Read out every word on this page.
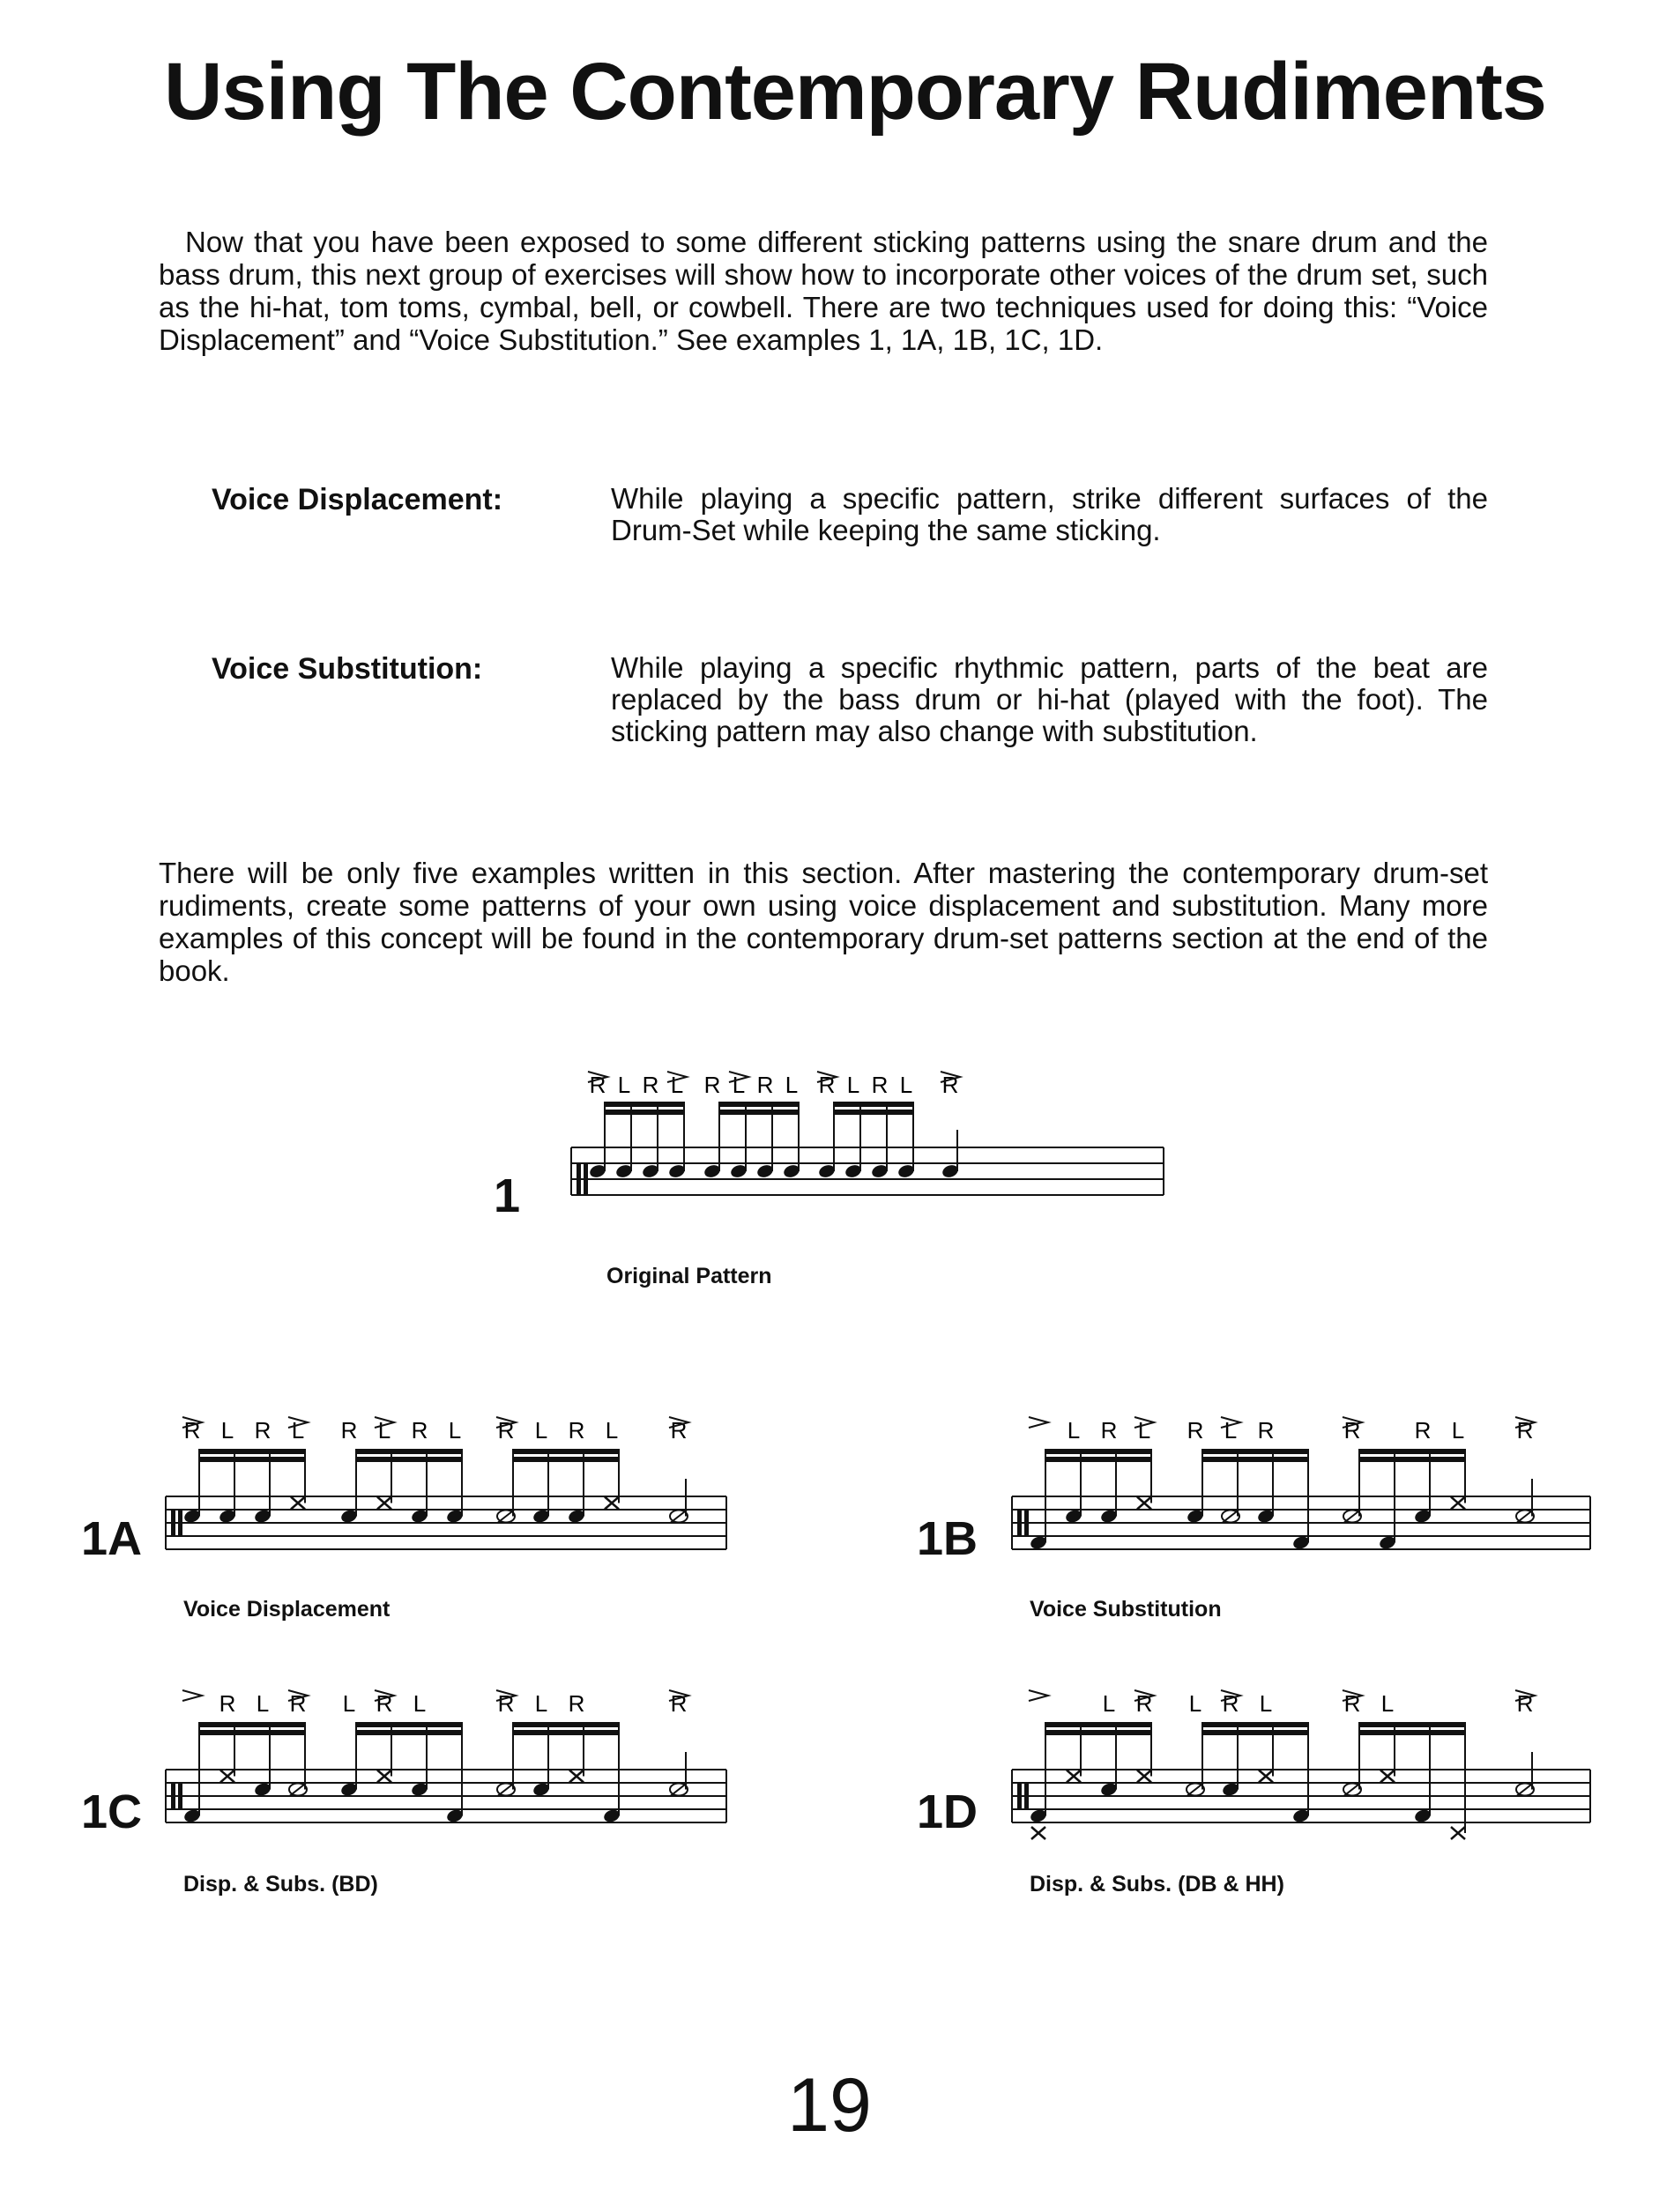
Using The Contemporary Rudiments

Now that you have been exposed to some different sticking patterns using the snare drum and the bass drum, this next group of exercises will show how to incorporate other voices of the drum set, such as the hi-hat, tom toms, cymbal, bell, or cowbell. There are two techniques used for doing this: “Voice Displacement” and “Voice Substitution.” See examples 1, 1A, 1B, 1C, 1D.

Voice Displacement:	While playing a specific pattern, strike different surfaces of the Drum-Set while keeping the same sticking.
Voice Substitution:	While playing a specific rhythmic pattern, parts of the beat are replaced by the bass drum or hi-hat (played with the foot). The sticking pattern may also change with substitution.

There will be only five examples written in this section. After mastering the contemporary drum-set rudiments, create some patterns of your own using voice displacement and substitution. Many more examples of this concept will be found in the contemporary drum-set patterns section at the end of the book.

1
R L R L R L R L R L R L R
Original Pattern
1A
R L R L R L R L R L R L R
Voice Displacement
1B
L R L R L R	R R L R
Voice Substitution
1C
R L R L R L	R L R	R
Disp. & Subs. (BD)
1D
L R L R L	R L	R
Disp. & Subs. (DB & HH)
19
